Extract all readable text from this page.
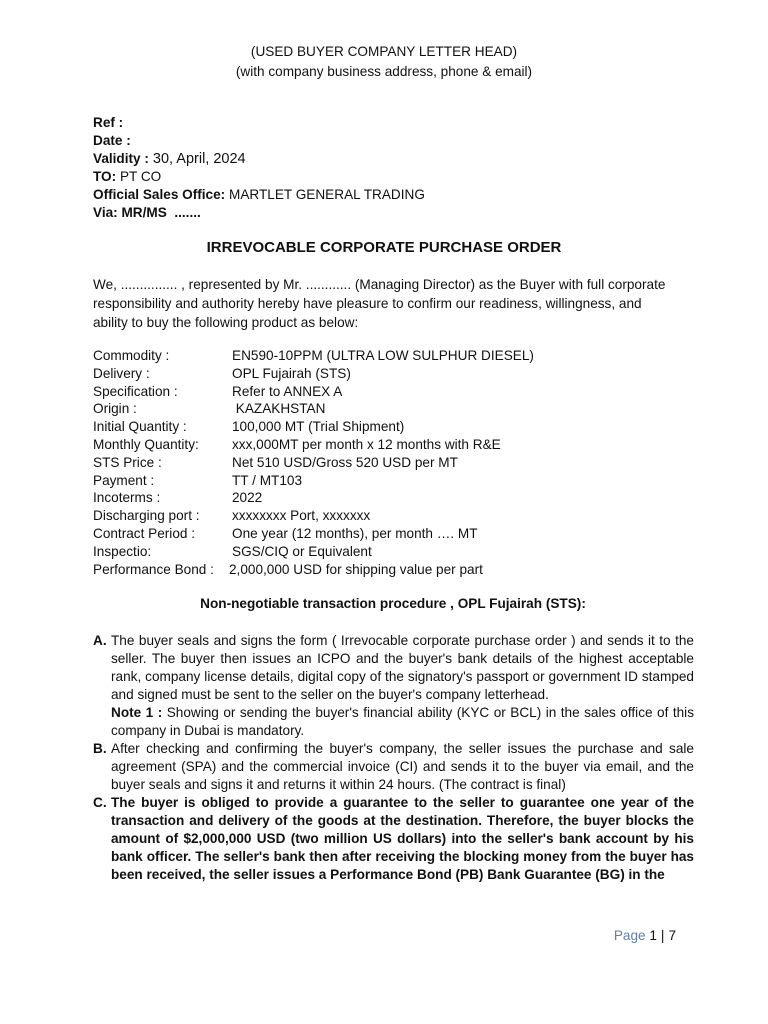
(USED BUYER COMPANY LETTER HEAD)
(with company business address, phone & email)
Ref :
Date :
Validity : 30, April, 2024
TO:
PT CO
Official Sales Office:
MARTLET GENERAL TRADING
Via: MR/MS
.......
IRREVOCABLE CORPORATE PURCHASE ORDER
We, ............... , represented by Mr. ............ (Managing Director) as the Buyer with full corporate responsibility and authority hereby have pleasure to confirm our readiness, willingness, and ability to buy the following product as below:
Commodity :	EN590-10PPM (ULTRA LOW SULPHUR DIESEL)
Delivery :	OPL Fujairah (STS)
Specification :	Refer to ANNEX A
Origin :	KAZAKHSTAN
Initial Quantity :	100,000 MT (Trial Shipment)
Monthly Quantity:	xxx,000MT per month x 12 months with R&E
STS Price :	Net 510 USD/Gross 520 USD per MT
Payment :	TT / MT103
Incoterms :	2022
Discharging port :	xxxxxxxx Port, xxxxxxx
Contract Period :	One year (12 months), per month …. MT
Inspectio:	SGS/CIQ or Equivalent
Performance Bond :	2,000,000 USD for shipping value per part
Non-negotiable transaction procedure , OPL Fujairah (STS):
A. The buyer seals and signs the form ( Irrevocable corporate purchase order ) and sends it to the seller. The buyer then issues an ICPO and the buyer's bank details of the highest acceptable rank, company license details, digital copy of the signatory's passport or government ID stamped and signed must be sent to the seller on the buyer's company letterhead.
Note 1 : Showing or sending the buyer's financial ability (KYC or BCL) in the sales office of this company in Dubai is mandatory.
B. After checking and confirming the buyer's company, the seller issues the purchase and sale agreement (SPA) and the commercial invoice (CI) and sends it to the buyer via email, and the buyer seals and signs it and returns it within 24 hours. (The contract is final)
C. The buyer is obliged to provide a guarantee to the seller to guarantee one year of the transaction and delivery of the goods at the destination. Therefore, the buyer blocks the amount of $2,000,000 USD (two million US dollars) into the seller's bank account by his bank officer. The seller's bank then after receiving the blocking money from the buyer has been received, the seller issues a Performance Bond (PB) Bank Guarantee (BG) in the
Page 1 | 7
